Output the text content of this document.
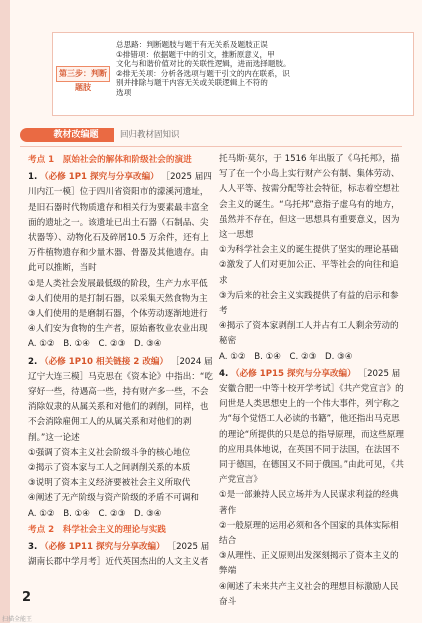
第三步：判断题肢
总思路：判断题肢与题干有无关系及题肢正误
①排错项：依据题干中的引文，推断原意义，甲
文化与和谐价值对比的关联性逻辑，进而选择题肢。
②排无关项：分析各选项与题干引文的内在联系，识
别并排除与题干内容无关或关联逻辑上不符的
选项
教材改编题	回归教材固知识
考点 1　原始社会的解体和阶级社会的演进
1. （必修 1P1 探究与分享改编） ［2025 届四川内江一模］位于四川省资阳市的濛溪河遗址，是旧石器时代物质遗存和相关行为要素最丰富全面的遗址之一。该遗址已出土石器（石制品、尖状器等）、动物化石及碎屑10.5 万余件，还有上万件植物遗存和少量木器、骨器及其他遗存。由此可以推断，当时
①是人类社会发展最低级的阶段，生产力水平低
②人们使用的是打制石器，以采集天然食物为主
③人们使用的是磨制石器，个体劳动逐渐地进行
④人们安为食物的生产者，原始畜牧业农业出现
A. ①②　B. ①④　C. ②③　D. ③④
2. （必修 1P10 相关链接 2 改编） ［2024 届辽宁大连三模］马克思在《资本论》中指出：“吃穿好一些，待遇高一些，持有财产多一些，不会消除奴隶的从属关系和对他们的剥削，同样，也不会消除雇佣工人的从属关系和对他们的剥削。”这一论述
①强调了资本主义社会阶级斗争的核心地位
②揭示了资本家与工人之间剥削关系的本质
③说明了资本主义经济要被社会主义所取代
④阐述了无产阶级与资产阶级的矛盾不可调和
A. ①②　B. ①④　C. ②③　D. ③④
考点 2　科学社会主义的理论与实践
3. （必修 1P11 探究与分享改编） ［2025 届湖南长郡中学月考］近代英国杰出的人文主义者
托马斯·莫尔，于 1516 年出版了《乌托邦》，描写了在一个小岛上实行财产公有制、集体劳动、人人平等、按需分配等社会特征，标志着空想社会主义的诞生。“乌托邦”意指子虚乌有的地方，虽然并不存在，但这一思想具有重要意义，因为这一思想
①为科学社会主义的诞生提供了坚实的理论基础
②激发了人们对更加公正、平等社会的向往和追求
③为后来的社会主义实践提供了有益的启示和参考
④揭示了资本家剥削工人并占有工人剩余劳动的秘密
A. ①②　B. ①④　C. ②③　D. ③④
4. （必修 1P15 探究与分享改编） ［2025 届安徽合肥一中等十校开学考试］《共产党宣言》的问世是人类思想史上的一个伟大事件，列宁称之为“每个觉悟工人必读的书籍”，他还指出马克思的理论“所提供的只是总的指导原理，而这些原理的应用具体地说，在英国不同于法国，在法国不同于德国，在德国又不同于俄国。”由此可见，《共产党宣言》
①是一部兼持人民立场并为人民谋求利益的经典著作
②一般原理的运用必须和各个国家的具体实际相结合
③从理性、正义原则出发深刻揭示了资本主义的弊端
④阐述了未来共产主义社会的理想目标激励人民奋斗
2
扫描全能王
